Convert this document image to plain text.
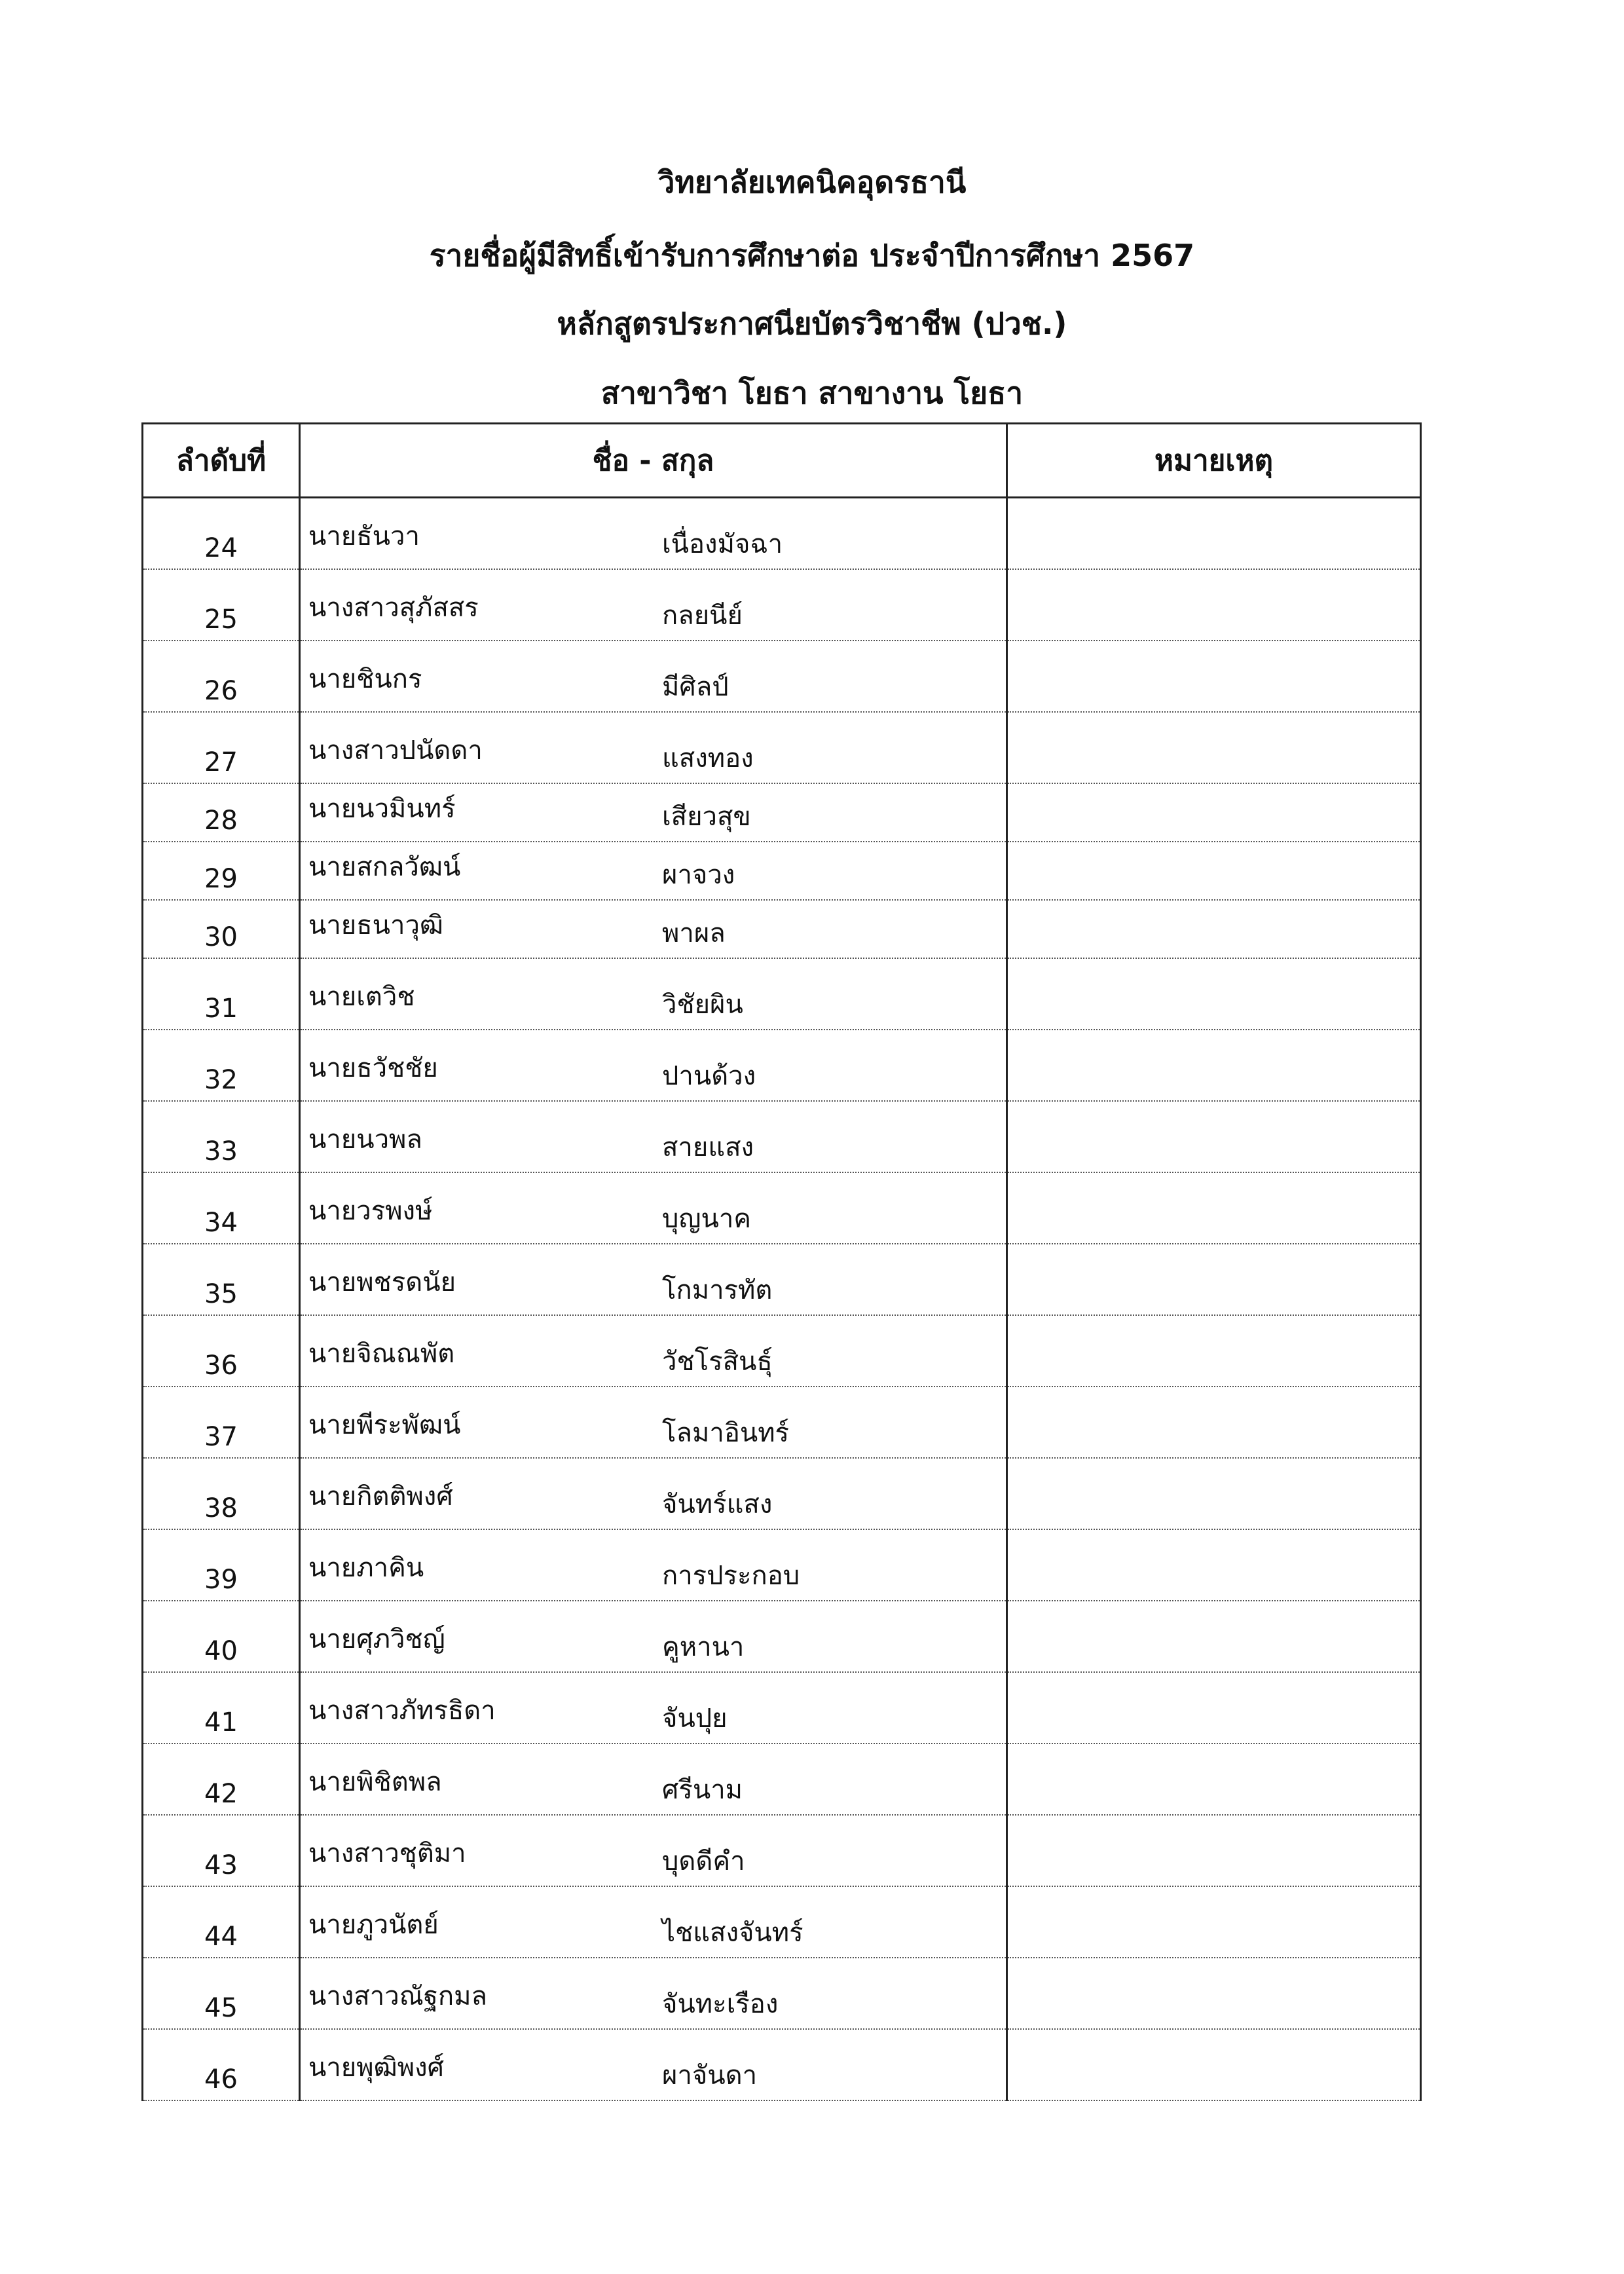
วิทยาลัยเทคนิคอุดรธานี
รายชื่อผู้มีสิทธิ์เข้ารับการศึกษาต่อ ประจำปีการศึกษา 2567
หลักสูตรประกาศนียบัตรวิชาชีพ (ปวช.)
สาขาวิชา โยธา สาขางาน โยธา
ลำดับที่	ชื่อ - สกุล	หมายเหตุ
24	นายธันวา เนื่องมัจฉา	

25	นางสาวสุภัสสร กลยนีย์	

26	นายชินกร มีศิลป์	

27	นางสาวปนัดดา แสงทอง	

28	นายนวมินทร์ เสียวสุข	

29	นายสกลวัฒน์ ผาจวง	

30	นายธนาวุฒิ พาผล	

31	นายเตวิช วิชัยผิน	

32	นายธวัชชัย ปานด้วง	

33	นายนวพล สายแสง	

34	นายวรพงษ์ บุญนาค	

35	นายพชรดนัย โกมารทัต	

36	นายจิณณพัต วัชโรสินธุ์	

37	นายพีระพัฒน์ โลมาอินทร์	

38	นายกิตติพงศ์ จันทร์แสง	

39	นายภาคิน การประกอบ	

40	นายศุภวิชญ์ คูหานา	

41	นางสาวภัทรธิดา จันปุย	

42	นายพิชิตพล ศรีนาม	

43	นางสาวชุติมา บุดดีคำ	

44	นายภูวนัตย์ ไชแสงจันทร์	

45	นางสาวณัฐกมล จันทะเรือง	

46	นายพุฒิพงศ์ ผาจันดา	
